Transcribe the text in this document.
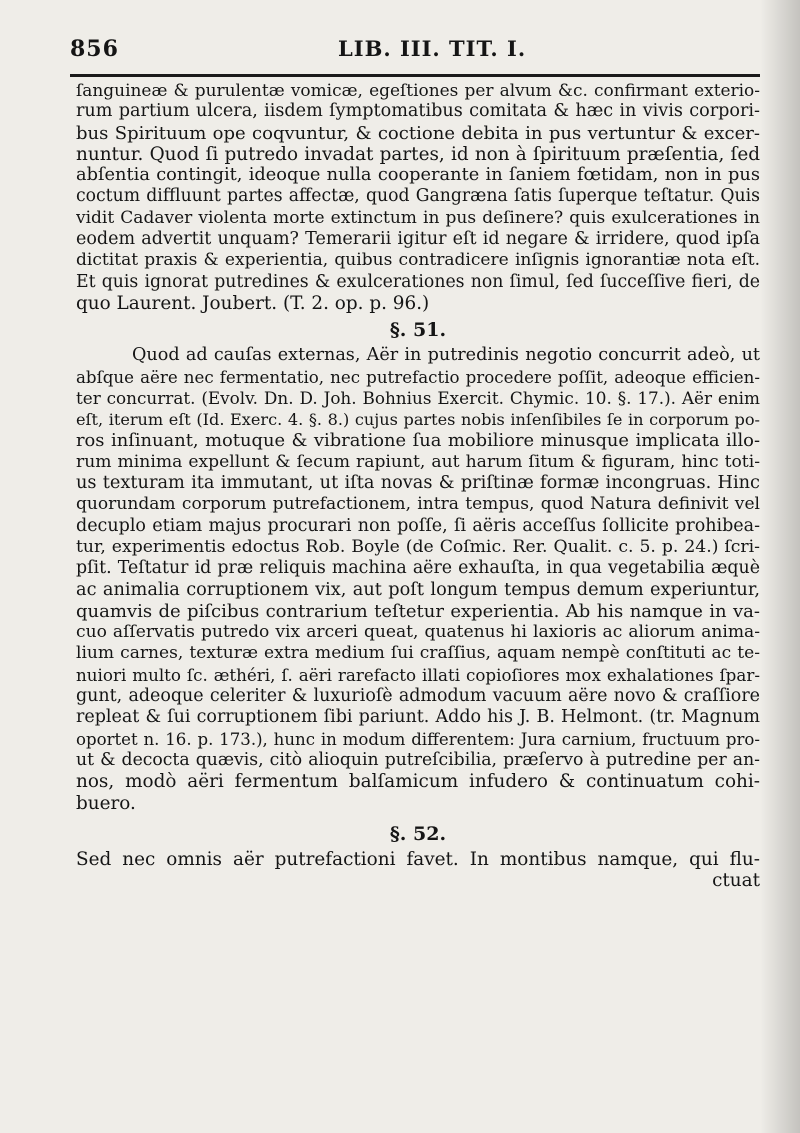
856	LIB. III. TIT. I.
ſanguineæ & purulentæ vomicæ, egeſtiones per alvum &c. confirmant exterio-
rum partium ulcera, iisdem ſymptomatibus comitata & hæc in vivis corpori-
bus Spirituum ope coqvuntur, & coctione debita in pus vertuntur & excer-
nuntur. Quod ſi putredo invadat partes, id non à ſpirituum præſentia, ſed
abſentia contingit, ideoque nulla cooperante in ſaniem fœtidam, non in pus
coctum diffluunt partes affectæ, quod Gangræna ſatis ſuperque teſtatur. Quis
vidit Cadaver violenta morte extinctum in pus deſinere? quis exulcerationes in
eodem advertit unquam? Temerarii igitur eſt id negare & irridere, quod ipſa
dictitat praxis & experientia, quibus contradicere inſignis ignorantiæ nota eſt.
Et quis ignorat putredines & exulcerationes non ſimul, ſed ſucceſſive fieri, de
quo Laurent. Joubert. (T. 2. op. p. 96.)
§. 51.
Quod ad cauſas externas, Aër in putredinis negotio concurrit adeò, ut
abſque aëre nec fermentatio, nec putrefactio procedere poſſit, adeoque efficien-
ter concurrat. (Evolv. Dn. D. Joh. Bohnius Exercit. Chymic. 10. §. 17.). Aër enim
eſt, iterum eſt (Id. Exerc. 4. §. 8.) cujus partes nobis inſenſibiles ſe in corporum po-
ros inſinuant, motuque & vibratione ſua mobiliore minusque implicata illo-
rum minima expellunt & ſecum rapiunt, aut harum ſitum & figuram, hinc toti-
us texturam ita immutant, ut iſta novas & priſtinæ formæ incongruas. Hinc
quorundam corporum putrefactionem, intra tempus, quod Natura definivit vel
decuplo etiam majus procurari non poſſe, ſi aëris acceſſus ſollicite prohibea-
tur, experimentis edoctus Rob. Boyle (de Coſmic. Rer. Qualit. c. 5. p. 24.) ſcri-
pſit. Teſtatur id præ reliquis machina aëre exhauſta, in qua vegetabilia æquè
ac animalia corruptionem vix, aut poſt longum tempus demum experiuntur,
quamvis de piſcibus contrarium teſtetur experientia. Ab his namque in va-
cuo aſſervatis putredo vix arceri queat, quatenus hi laxioris ac aliorum anima-
lium carnes, texturæ extra medium ſui craſſius, aquam nempè conſtituti ac te-
nuiori multo ſc. æthéri, ſ. aëri rarefacto illati copioſiores mox exhalationes ſpar-
gunt, adeoque celeriter & luxurioſè admodum vacuum aëre novo & craſſiore
repleat & ſui corruptionem ſibi pariunt. Addo his J. B. Helmont. (tr. Magnum
oportet n. 16. p. 173.), hunc in modum differentem: Jura carnium, fructuum pro-
ut & decocta quævis, citò alioquin putreſcibilia, præſervo à putredine per an-
nos, modò aëri fermentum balſamicum infudero & continuatum cohi-
buero.
§. 52.
Sed nec omnis aër putrefactioni favet. In montibus namque, qui flu-
ctuat
